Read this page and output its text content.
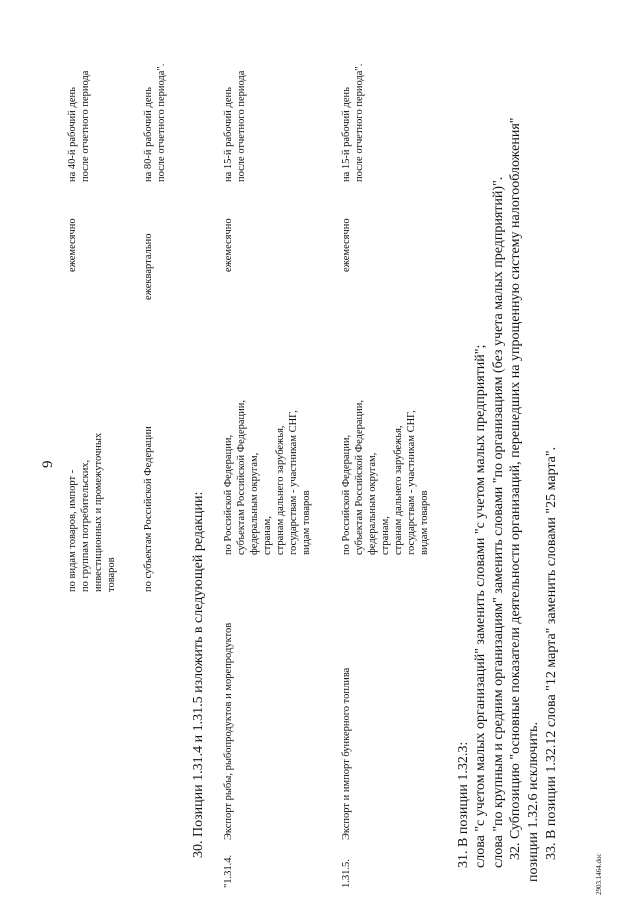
9
по видам товаров, импорт - по группам потребительских, инвестиционных и промежуточных товаров
ежемесячно
на 40-й рабочий день после отчетного периода
по субъектам Российской Федерации
ежеквартально
на 80-й рабочий день после отчетного периода".
30. Позиции 1.31.4 и 1.31.5 изложить в следующей редакции:
"1.31.4.
Экспорт рыбы, рыбопродуктов и морепродуктов
по Российской Федерации, субъектам Российской Федерации, федеральным округам, странам, странам дальнего зарубежья, государствам - участникам СНГ, видам товаров
ежемесячно
на 15-й рабочий день после отчетного периода
1.31.5.
Экспорт и импорт бункерного топлива
по Российской Федерации, субъектам Российской Федерации, федеральным округам, странам, странам дальнего зарубежья, государствам - участникам СНГ, видам товаров
ежемесячно
на 15-й рабочий день после отчетного периода".
31. В позиции 1.32.3: слова "с учетом малых организаций" заменить словами "с учетом малых предприятий"; слова "по крупным и средним организациям" заменить словами "по организациям (без учета малых предприятий)". 32. Субпозицию "основные показатели деятельности организаций, перешедших на упрощенную систему налогообложения" позиции 1.32.6 исключить. 33. В позиции 1.32.12 слова "12 марта" заменить словами "25 марта".
2903.1464.doc
